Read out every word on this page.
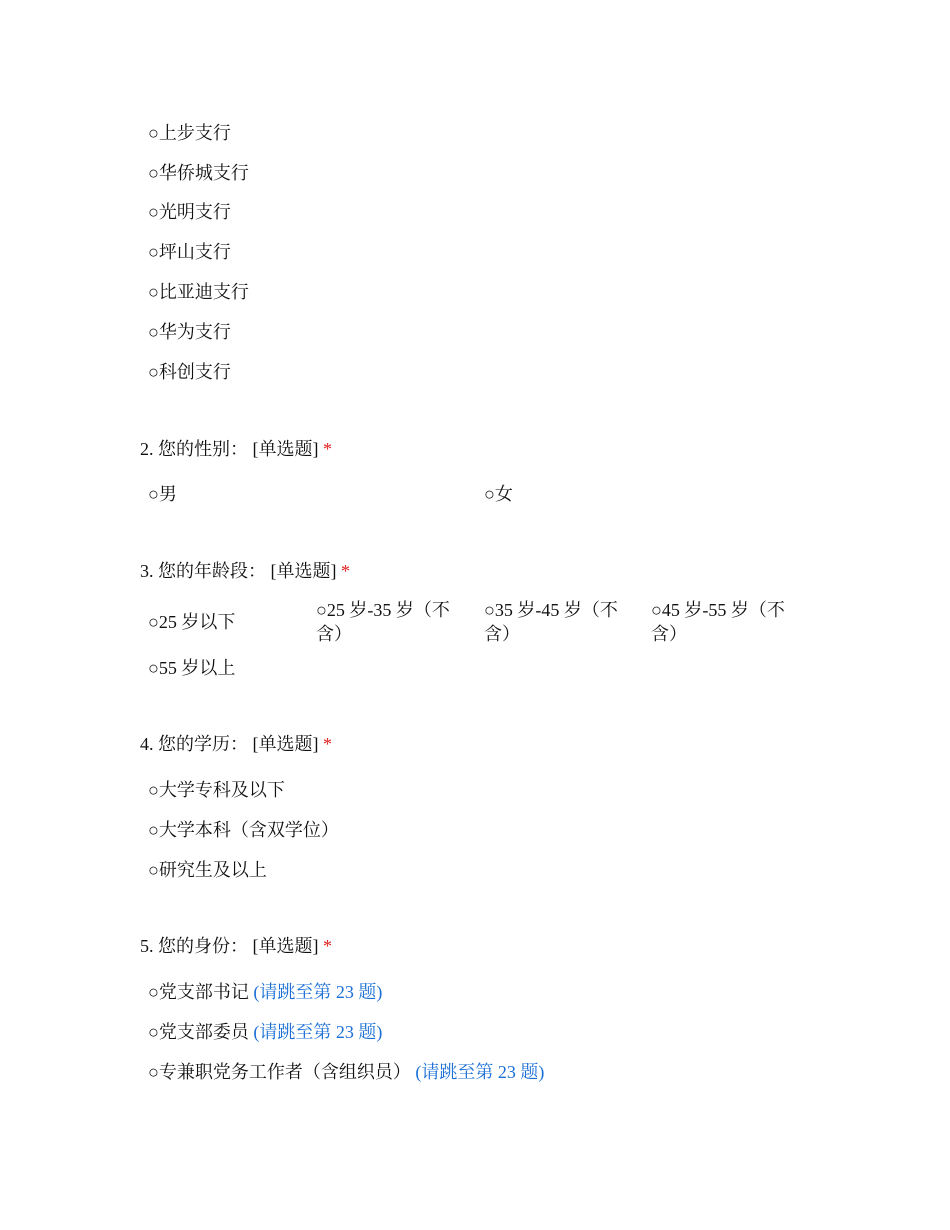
○上步支行
○华侨城支行
○光明支行
○坪山支行
○比亚迪支行
○华为支行
○科创支行
2. 您的性别： [单选题] *
○男	○女
3. 您的年龄段： [单选题] *
○25 岁以下
○25 岁-35 岁（不含）
○35 岁-45 岁（不含）
○45 岁-55 岁（不含）
○55 岁以上
4. 您的学历： [单选题] *
○大学专科及以下
○大学本科（含双学位）
○研究生及以上
5. 您的身份： [单选题] *
○党支部书记 (请跳至第 23 题)
○党支部委员 (请跳至第 23 题)
○专兼职党务工作者（含组织员） (请跳至第 23 题)
